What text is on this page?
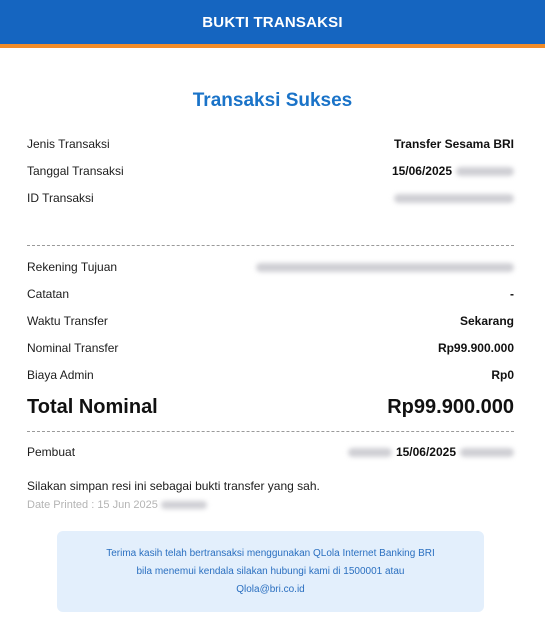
BUKTI TRANSAKSI
Transaksi Sukses
Jenis Transaksi	Transfer Sesama BRI
Tanggal Transaksi	15/06/2025
ID Transaksi
Rekening Tujuan
Catatan	-
Waktu Transfer	Sekarang
Nominal Transfer	Rp99.900.000
Biaya Admin	Rp0
Total Nominal	Rp99.900.000
Pembuat	15/06/2025
Silakan simpan resi ini sebagai bukti transfer yang sah.
Date Printed : 15 Jun 2025
Terima kasih telah bertransaksi menggunakan QLola Internet Banking BRI
bila menemui kendala silakan hubungi kami di 1500001 atau
Qlola@bri.co.id
